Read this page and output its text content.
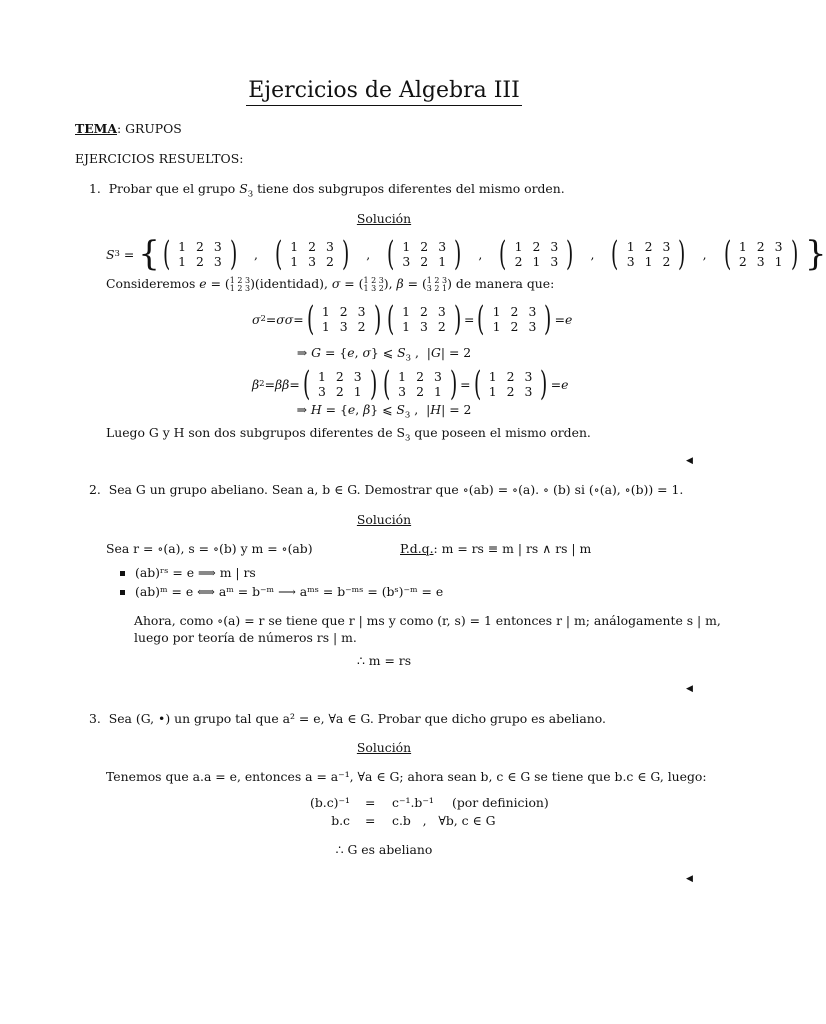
Ejercicios de Algebra III
TEMA: GRUPOS
EJERCICIOS RESUELTOS:
1. Probar que el grupo $S_3$ tiene dos subgrupos diferentes del mismo orden.
Solución
S 3 = { ( 1	2	3
1	2	3 ) , ( 1	2	3
1	3	2 ) , ( 1	2	3
3	2	1 ) , ( 1	2	3
2	1	3 ) , ( 1	2	3
3	1	2 ) , ( 1	2	3
2	3	1 ) }
Consideremos e = (1 2 3
1 2 3)(identidad), σ = (1 2 3
1 3 2), β = (1 2 3
3 2 1) de manera que:
σ 2 = σσ = ( 1	2	3
1	3	2 ) ( 1	2	3
1	3	2 ) = ( 1	2	3
1	2	3 ) = e
⇒ G = {e, σ} ⩽ $S_3$ ,  |G| = 2
β 2 = ββ = ( 1	2	3
3	2	1 ) ( 1	2	3
3	2	1 ) = ( 1	2	3
1	2	3 ) = e
⇒ H = {e, β} ⩽ $S_3$ ,  |H| = 2
Luego G y H son dos subgrupos diferentes de $S_3$ que poseen el mismo orden.
◀
2. Sea G un grupo abeliano. Sean a, b ∈ G. Demostrar que ∘(ab) = ∘(a). ∘ (b) si (∘(a), ∘(b)) = 1.
Solución
Sea r = ∘(a), s = ∘(b) y m = ∘(ab)	P.d.q.: m = rs ≡ m | rs ∧ rs | m
(ab)ʳˢ = e ⟹ m | rs
(ab)ᵐ = e ⟺ aᵐ = b⁻ᵐ ⟶ aᵐˢ = b⁻ᵐˢ = (bˢ)⁻ᵐ = e
Ahora, como ∘(a) = r se tiene que r | ms y como (r, s) = 1 entonces r | m; análogamente s | m,
luego por teoría de números rs | m.
∴ m = rs
◀
3. Sea (G, •) un grupo tal que a² = e, ∀a ∈ G. Probar que dicho grupo es abeliano.
Solución
Tenemos que a.a = e, entonces a = a⁻¹, ∀a ∈ G; ahora sean b, c ∈ G se tiene que b.c ∈ G, luego:
(b.c)⁻¹ = c⁻¹.b⁻¹ (por definicion)
b.c = c.b   ,   ∀b, c ∈ G
∴ G es abeliano
◀
